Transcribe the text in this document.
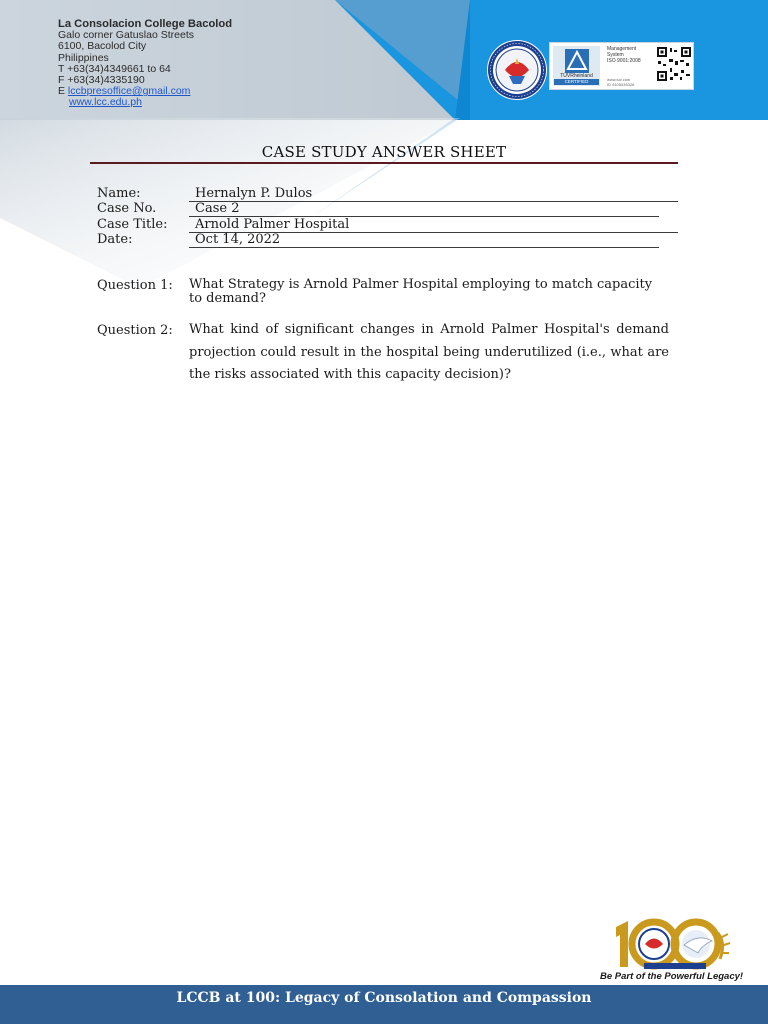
La Consolacion College Bacolod
Galo corner Gatuslao Streets
6100, Bacolod City
Philippines
T +63(34)4349661 to 64
F +63(34)4335190
E lccbpresoffice@gmail.com
www.lcc.edu.ph
TÜVRheinland
CERTIFIED
Management
System
ISO 9001:2008
www.tuv.com
ID 9105035326
CASE STUDY ANSWER SHEET
Name:	Hernalyn P. Dulos
Case No.	Case 2
Case Title: Arnold Palmer Hospital
Date:	Oct 14, 2022
Question 1: What Strategy is Arnold Palmer Hospital employing to match capacity to demand?
Question 2: What kind of significant changes in Arnold Palmer Hospital's demand projection could result in the hospital being underutilized (i.e., what are the risks associated with this capacity decision)?
Be Part of the Powerful Legacy!
LCCB at 100: Legacy of Consolation and Compassion
